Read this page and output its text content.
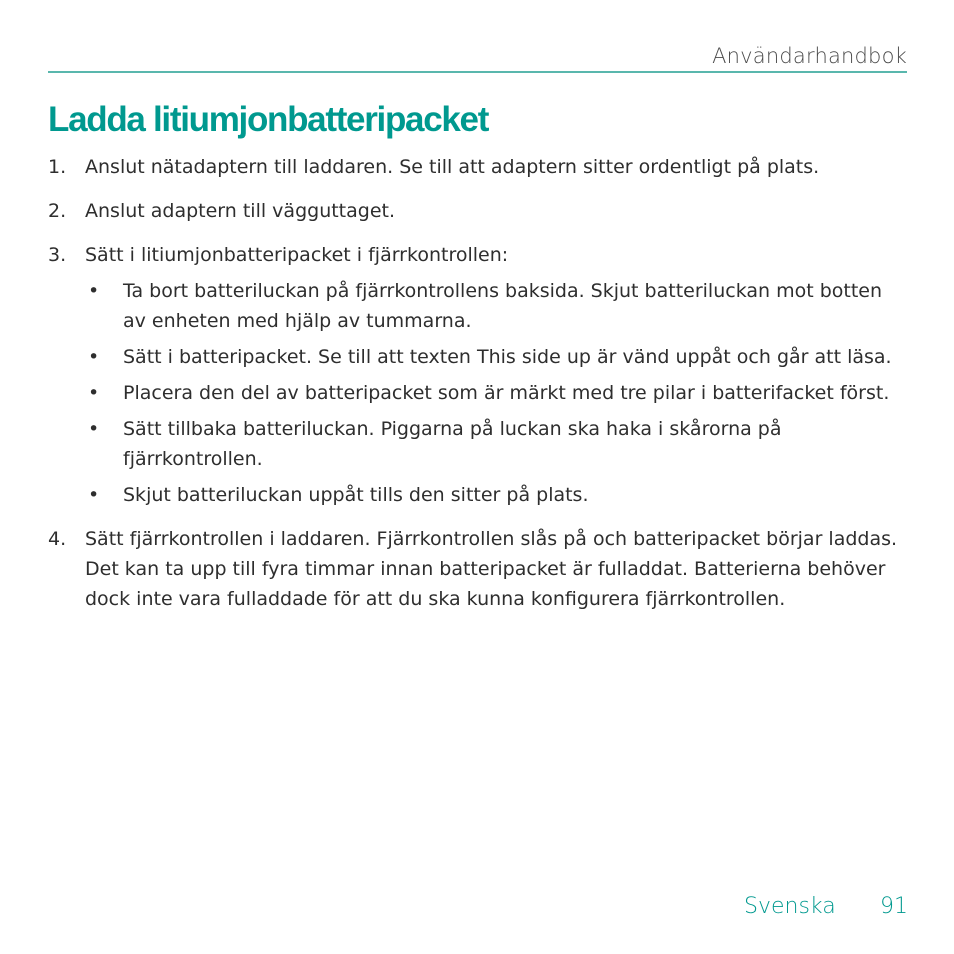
Användarhandbok
Ladda litiumjonbatteripacket
1. Anslut nätadaptern till laddaren. Se till att adaptern sitter ordentligt på plats.
2. Anslut adaptern till vägguttaget.
3. Sätt i litiumjonbatteripacket i fjärrkontrollen:
• Ta bort batteriluckan på fjärrkontrollens baksida. Skjut batteriluckan mot botten av enheten med hjälp av tummarna.
• Sätt i batteripacket. Se till att texten This side up är vänd uppåt och går att läsa.
• Placera den del av batteripacket som är märkt med tre pilar i batterifacket först.
• Sätt tillbaka batteriluckan. Piggarna på luckan ska haka i skårorna på fjärrkontrollen.
• Skjut batteriluckan uppåt tills den sitter på plats.
4. Sätt fjärrkontrollen i laddaren. Fjärrkontrollen slås på och batteripacket börjar laddas. Det kan ta upp till fyra timmar innan batteripacket är fulladdat. Batterierna behöver dock inte vara fulladdade för att du ska kunna konfigurera fjärrkontrollen.
Svenska 91
